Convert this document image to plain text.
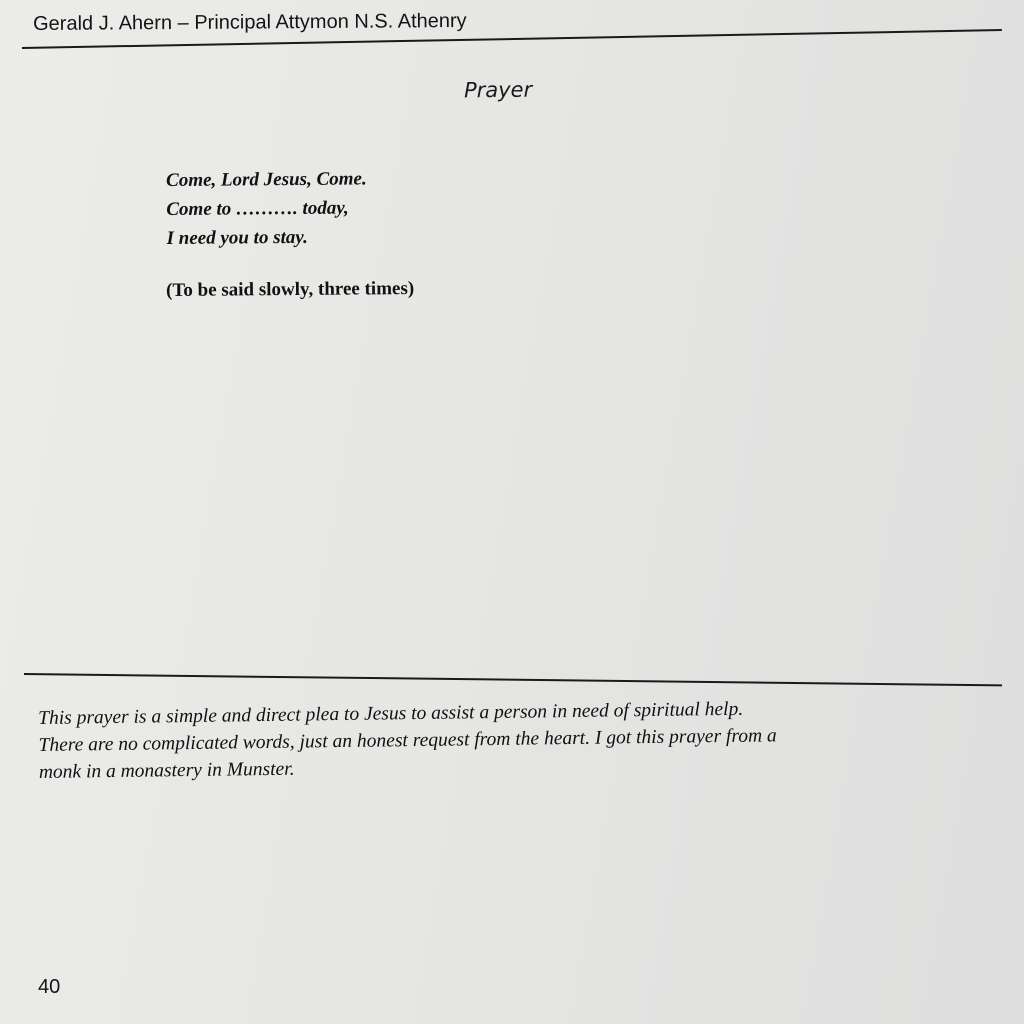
Gerald J. Ahern – Principal Attymon N.S. Athenry
Prayer
Come, Lord Jesus, Come.
Come to ………. today,
I need you to stay.
(To be said slowly, three times)
This prayer is a simple and direct plea to Jesus to assist a person in need of spiritual help.
There are no complicated words, just an honest request from the heart. I got this prayer from a
monk in a monastery in Munster.
40
